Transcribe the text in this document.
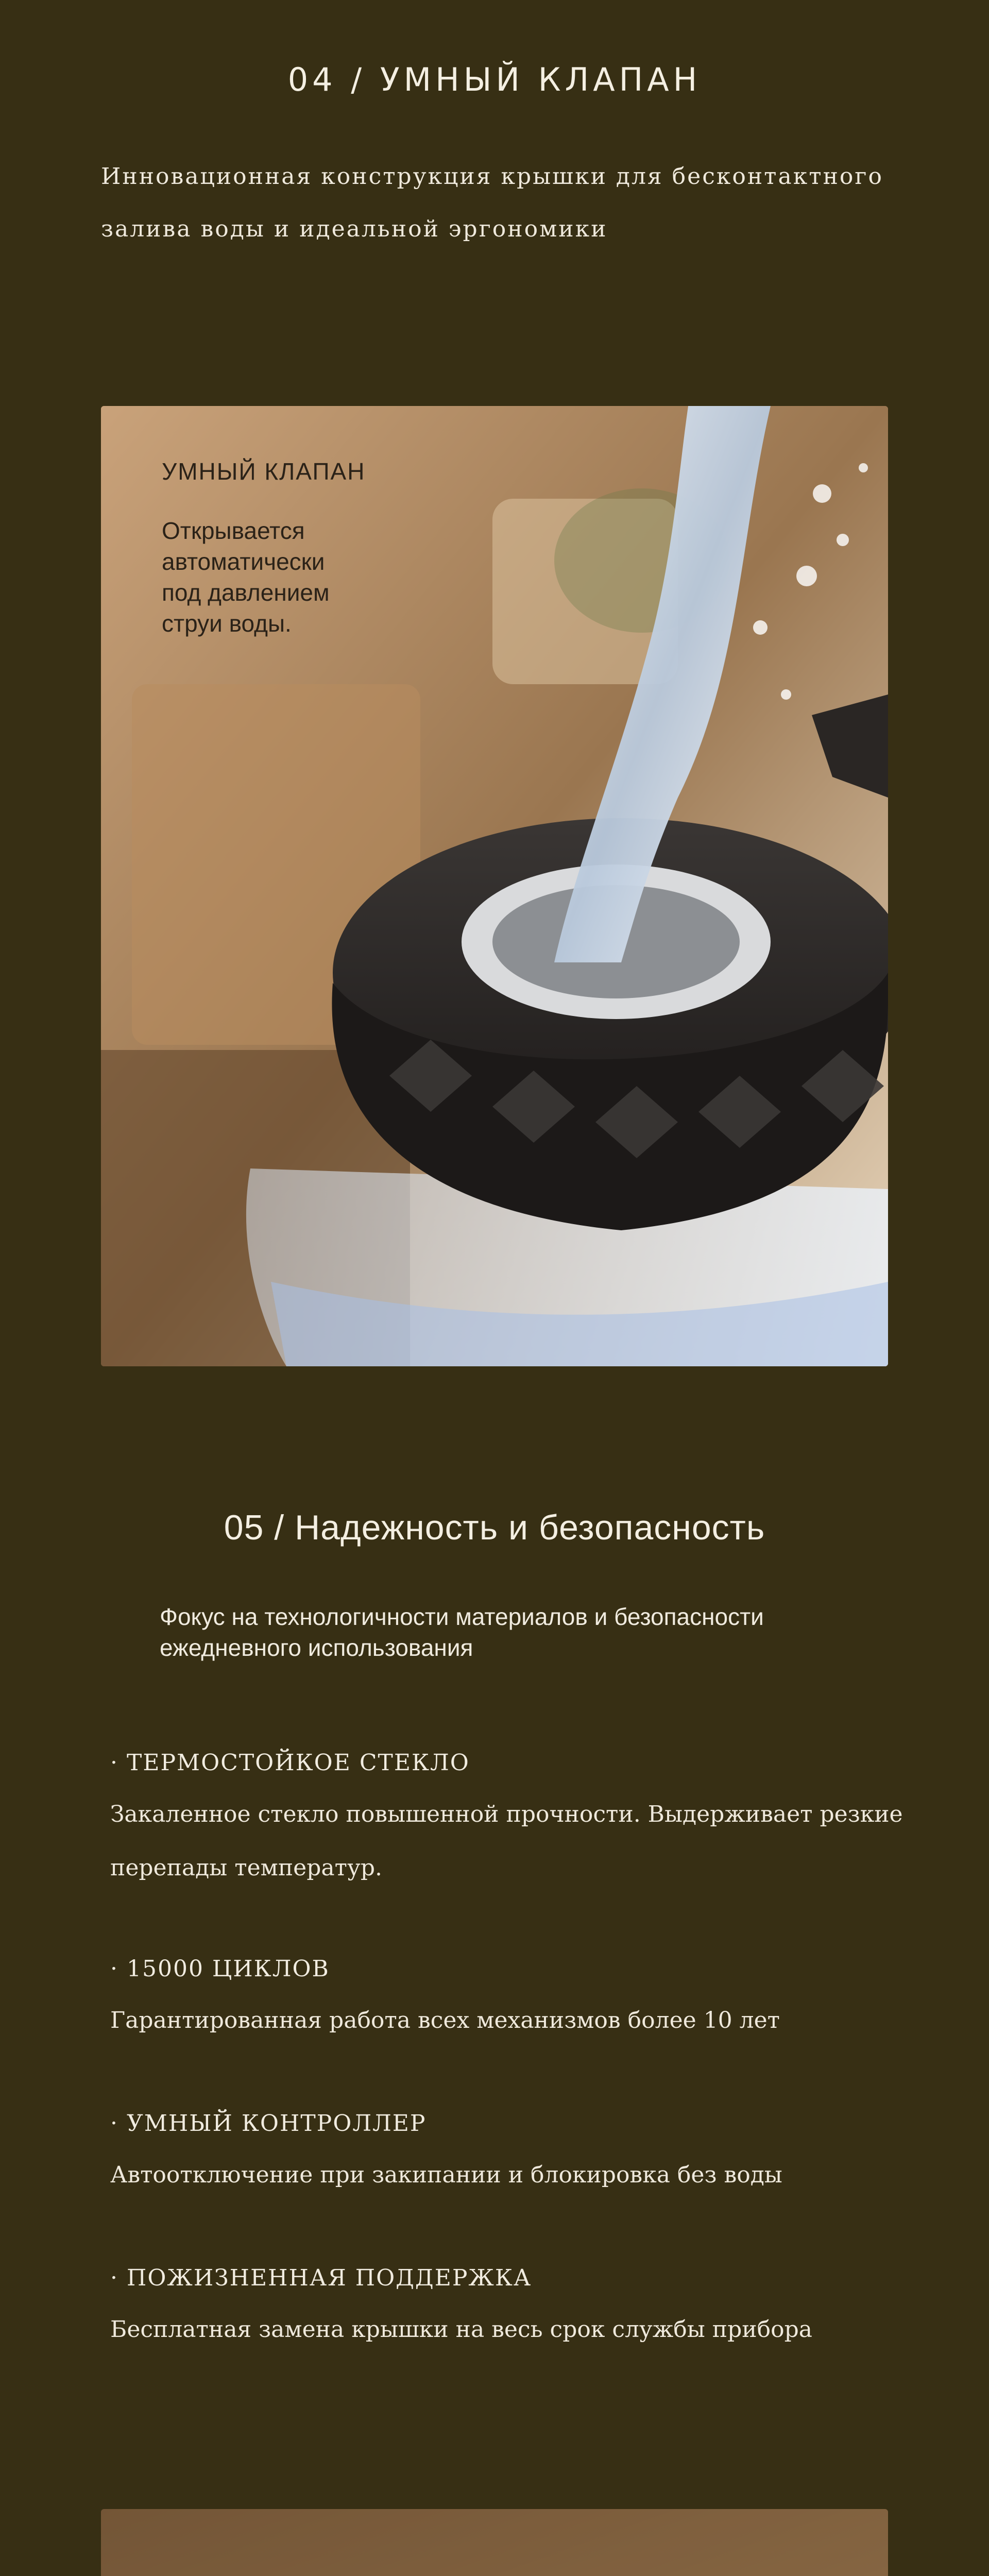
04 / УМНЫЙ КЛАПАН
Инновационная конструкция крышки для бесконтактного залива воды и идеальной эргономики
УМНЫЙ КЛАПАН
Открывается
автоматически
под давлением
струи воды.
05 / Надежность и безопасность
Фокус на технологичности материалов и безопасности ежедневного использования
· ТЕРМОСТОЙКОЕ СТЕКЛО
Закаленное стекло повышенной прочности. Выдерживает резкие перепады температур.
· 15000 ЦИКЛОВ
Гарантированная работа всех механизмов более 10 лет
· УМНЫЙ КОНТРОЛЛЕР
Автоотключение при закипании и блокировка без воды
· ПОЖИЗНЕННАЯ ПОДДЕРЖКА
Бесплатная замена крышки на весь срок службы прибора
